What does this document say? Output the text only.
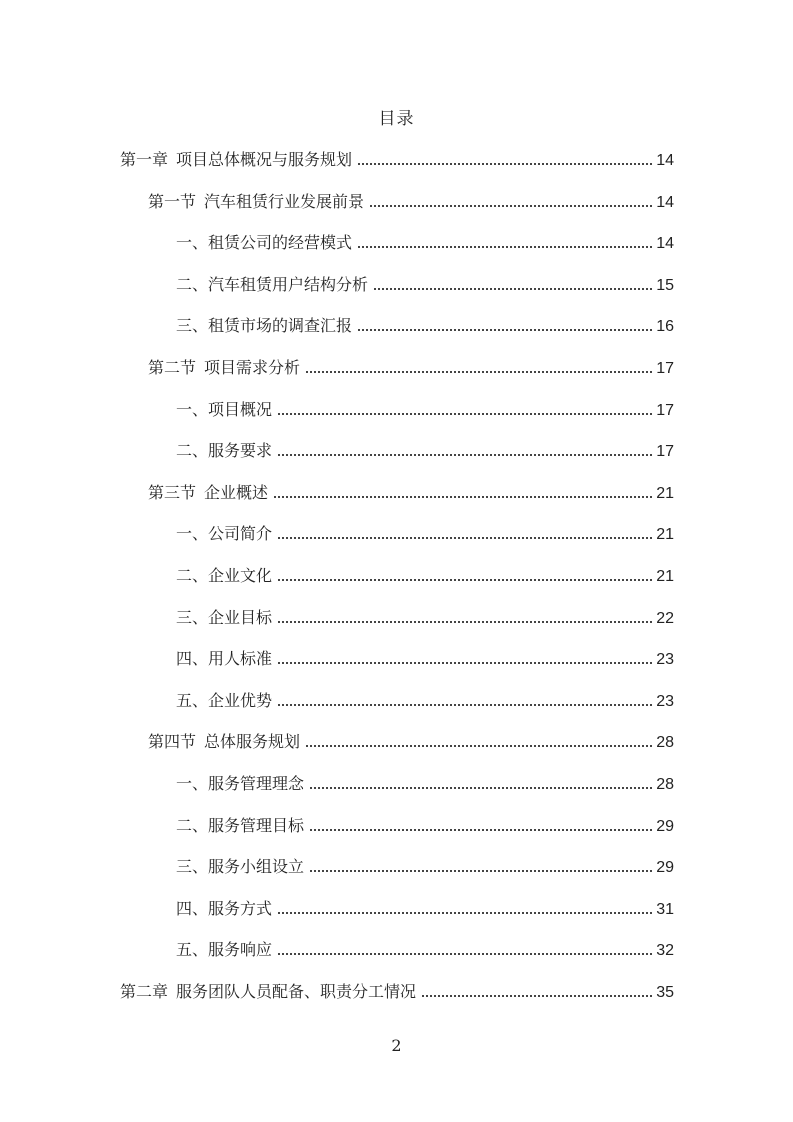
目录
第一章 项目总体概况与服务规划	14
第一节 汽车租赁行业发展前景	14
一、 租赁公司的经营模式	14
二、 汽车租赁用户结构分析	15
三、 租赁市场的调查汇报	16
第二节 项目需求分析	17
一、 项目概况	17
二、 服务要求	17
第三节 企业概述	21
一、 公司简介	21
二、 企业文化	21
三、 企业目标	22
四、 用人标准	23
五、 企业优势	23
第四节 总体服务规划	28
一、 服务管理理念	28
二、 服务管理目标	29
三、 服务小组设立	29
四、 服务方式	31
五、 服务响应	32
第二章 服务团队人员配备、职责分工情况	35
2
